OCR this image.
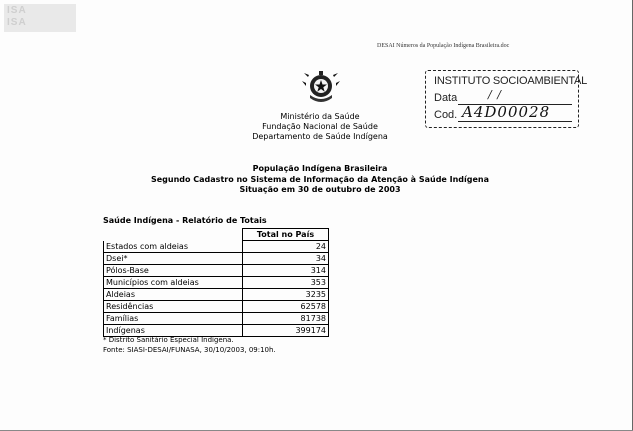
ISA
ISA
DESAI Números da População Indígena Brasileira.doc
INSTITUTO SOCIOAMBIENTAL
Data	/ /
Cod. A4D00028
Ministério da Saúde
Fundação Nacional de Saúde
Departamento de Saúde Indígena
População Indígena Brasileira
Segundo Cadastro no Sistema de Informação da Atenção à Saúde Indígena
Situação em 30 de outubro de 2003
Saúde Indígena - Relatório de Totais
	Total no País
Estados com aldeias	24
Dsei*	34
Pólos-Base	314
Municípios com aldeias	353
Aldeias	3235
Residências	62578
Famílias	81738
Indígenas	399174
* Distrito Sanitário Especial Indígena.
Fonte: SIASI-DESAI/FUNASA, 30/10/2003, 09:10h.
